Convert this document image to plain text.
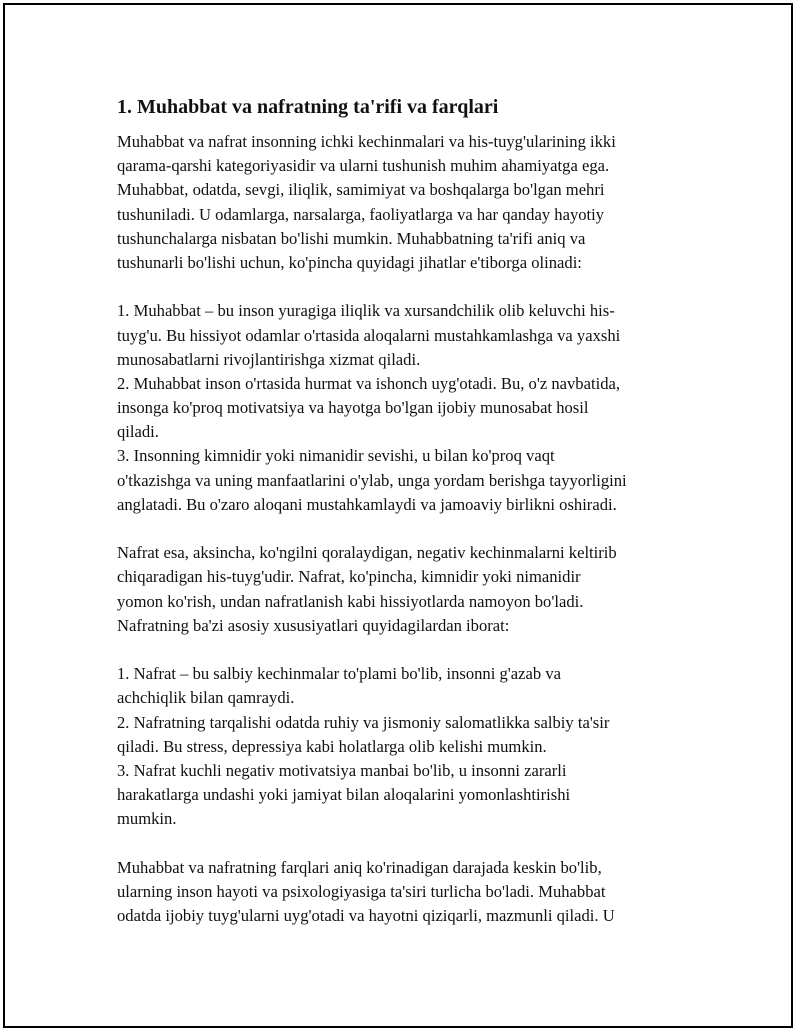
1. Muhabbat va nafratning ta'rifi va farqlari
Muhabbat va nafrat insonning ichki kechinmalari va his-tuyg'ularining ikki
qarama-qarshi kategoriyasidir va ularni tushunish muhim ahamiyatga ega.
Muhabbat, odatda, sevgi, iliqlik, samimiyat va boshqalarga bo'lgan mehri
tushuniladi. U odamlarga, narsalarga, faoliyatlarga va har qanday hayotiy
tushunchalarga nisbatan bo'lishi mumkin. Muhabbatning ta'rifi aniq va
tushunarli bo'lishi uchun, ko'pincha quyidagi jihatlar e'tiborga olinadi:
1. Muhabbat – bu inson yuragiga iliqlik va xursandchilik olib keluvchi his-
tuyg'u. Bu hissiyot odamlar o'rtasida aloqalarni mustahkamlashga va yaxshi
munosabatlarni rivojlantirishga xizmat qiladi.
2. Muhabbat inson o'rtasida hurmat va ishonch uyg'otadi. Bu, o'z navbatida,
insonga ko'proq motivatsiya va hayotga bo'lgan ijobiy munosabat hosil
qiladi.
3. Insonning kimnidir yoki nimanidir sevishi, u bilan ko'proq vaqt
o'tkazishga va uning manfaatlarini o'ylab, unga yordam berishga tayyorligini
anglatadi. Bu o'zaro aloqani mustahkamlaydi va jamoaviy birlikni oshiradi.
Nafrat esa, aksincha, ko'ngilni qoralaydigan, negativ kechinmalarni keltirib
chiqaradigan his-tuyg'udir. Nafrat, ko'pincha, kimnidir yoki nimanidir
yomon ko'rish, undan nafratlanish kabi hissiyotlarda namoyon bo'ladi.
Nafratning ba'zi asosiy xususiyatlari quyidagilardan iborat:
1. Nafrat – bu salbiy kechinmalar to'plami bo'lib, insonni g'azab va
achchiqlik bilan qamraydi.
2. Nafratning tarqalishi odatda ruhiy va jismoniy salomatlikka salbiy ta'sir
qiladi. Bu stress, depressiya kabi holatlarga olib kelishi mumkin.
3. Nafrat kuchli negativ motivatsiya manbai bo'lib, u insonni zararli
harakatlarga undashi yoki jamiyat bilan aloqalarini yomonlashtirishi
mumkin.
Muhabbat va nafratning farqlari aniq ko'rinadigan darajada keskin bo'lib,
ularning inson hayoti va psixologiyasiga ta'siri turlicha bo'ladi. Muhabbat
odatda ijobiy tuyg'ularni uyg'otadi va hayotni qiziqarli, mazmunli qiladi. U
